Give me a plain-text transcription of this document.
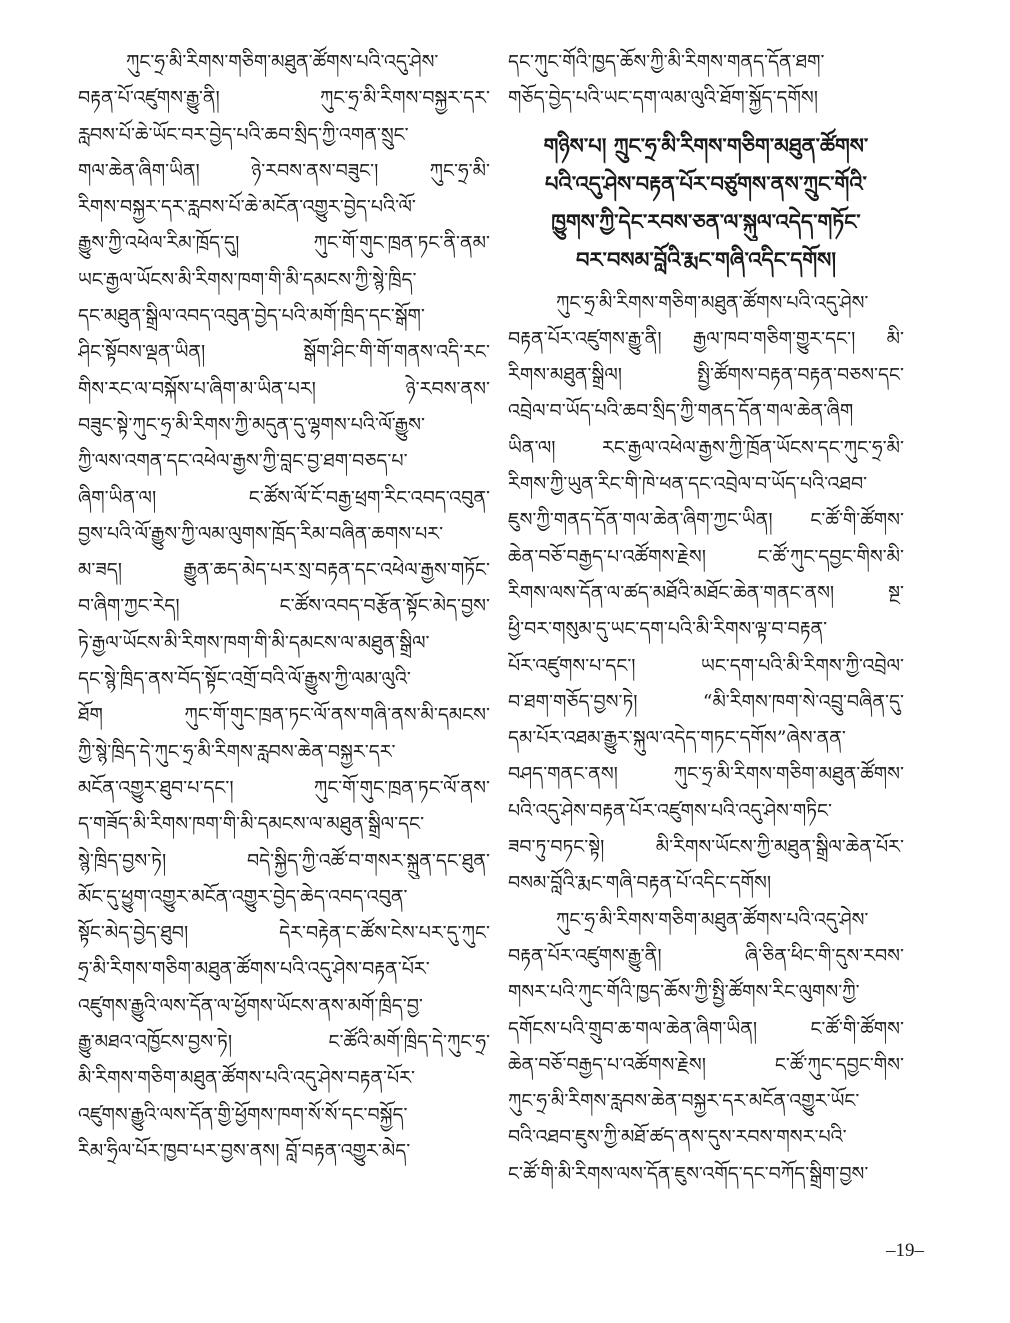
ཀུང་ཧྲ་མི་རིགས་གཅིག་མཐུན་ཚོགས་པའི་འདུ་ཤེས་
བརྟན་པོ་འཛུགས་རྒྱུ་ནི། ཀུང་ཧྲ་མི་རིགས་བསྐྱར་དར་
རླབས་པོ་ཆེ་ཡོང་བར་བྱེད་པའི་ཆབ་སྲིད་ཀྱི་འགན་སྲུང་
གལ་ཆེན་ཞིག་ཡིན། ཉེ་རབས་ནས་བཟུང་། ཀུང་ཧྲ་མི་
རིགས་བསྐྱར་དར་རླབས་པོ་ཆེ་མངོན་འགྱུར་བྱེད་པའི་ལོ་
རྒྱུས་ཀྱི་འཕེལ་རིམ་ཁྲོད་དུ། ཀུང་གོ་གུང་ཁྲན་ཏང་ནི་ནམ་
ཡང་རྒྱལ་ཡོངས་མི་རིགས་ཁག་གི་མི་དམངས་ཀྱི་སྙེ་ཁྲིད་
དང་མཐུན་སྒྲིལ་འབད་འབུན་བྱེད་པའི་མགོ་ཁྲིད་དང་སྒོག་
ཤིང་སྟོབས་ལྡན་ཡིན། སྒོག་ཤིང་གི་གོ་གནས་འདི་རང་
གིས་རང་ལ་བསྐོས་པ་ཞིག་མ་ཡིན་པར། ཉེ་རབས་ནས་
བཟུང་སྟེ་ཀུང་ཧྲ་མི་རིགས་ཀྱི་མདུན་དུ་ལྷགས་པའི་ལོ་རྒྱུས་
ཀྱི་ལས་འགན་དང་འཕེལ་རྒྱས་ཀྱི་བླང་བྱ་ཐག་བཅད་པ་
ཞིག་ཡིན་ལ། ང་ཚོས་ལོ་ངོ་བརྒྱ་ཕྲག་རིང་འབད་འབུན་
བྱས་པའི་ལོ་རྒྱུས་ཀྱི་ལམ་ལུགས་ཁྲོད་རིམ་བཞིན་ཆགས་པར་
མ་ཟད། རྒྱུན་ཆད་མེད་པར་སྲ་བརྟན་དང་འཕེལ་རྒྱས་གཏོང་
བ་ཞིག་ཀྱང་རེད། ང་ཚོས་འབད་བརྩོན་སྟོང་མེད་བྱས་
ཏེ་རྒྱལ་ཡོངས་མི་རིགས་ཁག་གི་མི་དམངས་ལ་མཐུན་སྒྲིལ་
དང་སྙེ་ཁྲིད་ནས་བོད་སྟོང་འགྲོ་བའི་ལོ་རྒྱུས་ཀྱི་ལམ་ལུའི་
ཐོག ཀུང་གོ་གུང་ཁྲན་ཏང་ལོ་ནས་གཞི་ནས་མི་དམངས་
ཀྱི་སྙེ་ཁྲིད་དེ་ཀུང་ཧྲ་མི་རིགས་རླབས་ཆེན་བསྐྱར་དར་
མངོན་འགྱུར་ཐུབ་པ་དང་། ཀུང་གོ་གུང་ཁྲན་ཏང་ལོ་ནས་
ད་གཟོད་མི་རིགས་ཁག་གི་མི་དམངས་ལ་མཐུན་སྒྲིལ་དང་
སྙེ་ཁྲིད་བྱས་ཏེ། བདེ་སྐྱིད་ཀྱི་འཚོ་བ་གསར་སྐྲུན་དང་ཐུན་
མོང་དུ་ཕྱུག་འགྱུར་མངོན་འགྱུར་བྱེད་ཆེད་འབད་འབུན་
སྟོང་མེད་བྱེད་ཐུབ། དེར་བརྟེན་ང་ཚོས་ངེས་པར་དུ་ཀུང་
ཧྲ་མི་རིགས་གཅིག་མཐུན་ཚོགས་པའི་འདུ་ཤེས་བརྟན་པོར་
འཛུགས་རྒྱུའི་ལས་དོན་ལ་ཕྱོགས་ཡོངས་ནས་མགོ་ཁྲིད་བྱ་
རྒྱུ་མཐའ་འཁྱོངས་བྱས་ཏེ། ང་ཚོའི་མགོ་ཁྲིད་དེ་ཀུང་ཧྲ་
མི་རིགས་གཅིག་མཐུན་ཚོགས་པའི་འདུ་ཤེས་བརྟན་པོར་
འཛུགས་རྒྱུའི་ལས་དོན་གྱི་ཕྱོགས་ཁག་སོ་སོ་དང་བསྐྱོད་
རིམ་ཧྲིལ་པོར་ཁྱབ་པར་བྱས་ནས། བློ་བརྟན་འགྱུར་མེད་
དང་ཀུང་གོའི་ཁྱད་ཆོས་ཀྱི་མི་རིགས་གནད་དོན་ཐག་
གཅོད་བྱེད་པའི་ཡང་དག་ལམ་ལུའི་ཐོག་སྐྱོད་དགོས།
གཉིས་པ། ཀྲུང་ཧྲ་མི་རིགས་གཅིག་མཐུན་ཚོགས་
པའི་འདུ་ཤེས་བརྟན་པོར་བཙུགས་ནས་ཀྲུང་གོའི་
ཁྱུགས་ཀྱི་དེང་རབས་ཅན་ལ་སྐུལ་འདེད་གཏོང་
བར་བསམ་བློའི་རྨང་གཞི་འདིང་དགོས།
ཀུང་ཧྲ་མི་རིགས་གཅིག་མཐུན་ཚོགས་པའི་འདུ་ཤེས་
བརྟན་པོར་འཛུགས་རྒྱུ་ནི། རྒྱལ་ཁབ་གཅིག་གྱུར་དང་། མི་
རིགས་མཐུན་སྒྲིལ། སྤྱི་ཚོགས་བརྟན་བརྟན་བཅས་དང་
འབྲེལ་བ་ཡོད་པའི་ཆབ་སྲིད་ཀྱི་གནད་དོན་གལ་ཆེན་ཞིག
ཡིན་ལ། རང་རྒྱལ་འཕེལ་རྒྱས་ཀྱི་ཁྲོན་ཡོངས་དང་ཀུང་ཧྲ་མི་
རིགས་ཀྱི་ཡུན་རིང་གི་ཁེ་ཕན་དང་འབྲེལ་བ་ཡོད་པའི་འཐབ་
ཇུས་ཀྱི་གནད་དོན་གལ་ཆེན་ཞིག་ཀྱང་ཡིན། ང་ཚོ་གི་ཚོགས་
ཆེན་བཅོ་བརྒྱད་པ་འཚོགས་རྗེས། ང་ཚོ་ཀུང་དབྱང་གིས་མི་
རིགས་ལས་དོན་ལ་ཚད་མཐོའི་མཐོང་ཆེན་གནང་ནས། སྔ་
ཕྱི་བར་གསུམ་དུ་ཡང་དག་པའི་མི་རིགས་ལྟ་བ་བརྟན་
པོར་འཛུགས་པ་དང་། ཡང་དག་པའི་མི་རིགས་ཀྱི་འབྲེལ་
བ་ཐག་གཅོད་བྱས་ཏེ། “མི་རིགས་ཁག་སེ་འབྲུ་བཞིན་དུ་
དམ་པོར་འཐམ་རྒྱུར་སྐུལ་འདེད་གཏང་དགོས”ཞེས་ནན་
བཤད་གནང་ནས། ཀུང་ཧྲ་མི་རིགས་གཅིག་མཐུན་ཚོགས་
པའི་འདུ་ཤེས་བརྟན་པོར་འཛུགས་པའི་འདུ་ཤེས་གཏིང་
ཟབ་ཏུ་བཏང་སྟེ། མི་རིགས་ཡོངས་ཀྱི་མཐུན་སྒྲིལ་ཆེན་པོར་
བསམ་བློའི་རྨང་གཞི་བརྟན་པོ་འདིང་དགོས།
ཀུང་ཧྲ་མི་རིགས་གཅིག་མཐུན་ཚོགས་པའི་འདུ་ཤེས་
བརྟན་པོར་འཛུགས་རྒྱུ་ནི། ཞི་ཅིན་ཕིང་གི་དུས་རབས་
གསར་པའི་ཀུང་གོའི་ཁྱད་ཆོས་ཀྱི་སྤྱི་ཚོགས་རིང་ལུགས་ཀྱི་
དགོངས་པའི་གྲུབ་ཆ་གལ་ཆེན་ཞིག་ཡིན། ང་ཚོ་གི་ཚོགས་
ཆེན་བཅོ་བརྒྱད་པ་འཚོགས་རྗེས། ང་ཚོ་ཀུང་དབྱང་གིས་
ཀུང་ཧྲ་མི་རིགས་རླབས་ཆེན་བསྐྱར་དར་མངོན་འགྱུར་ཡོང་
བའི་འཐབ་ཇུས་ཀྱི་མཐོ་ཚད་ནས་དུས་རབས་གསར་པའི་
ང་ཚོ་གི་མི་རིགས་ལས་དོན་ཇུས་འགོད་དང་བཀོད་སྒྲིག་བྱས་
–19–
